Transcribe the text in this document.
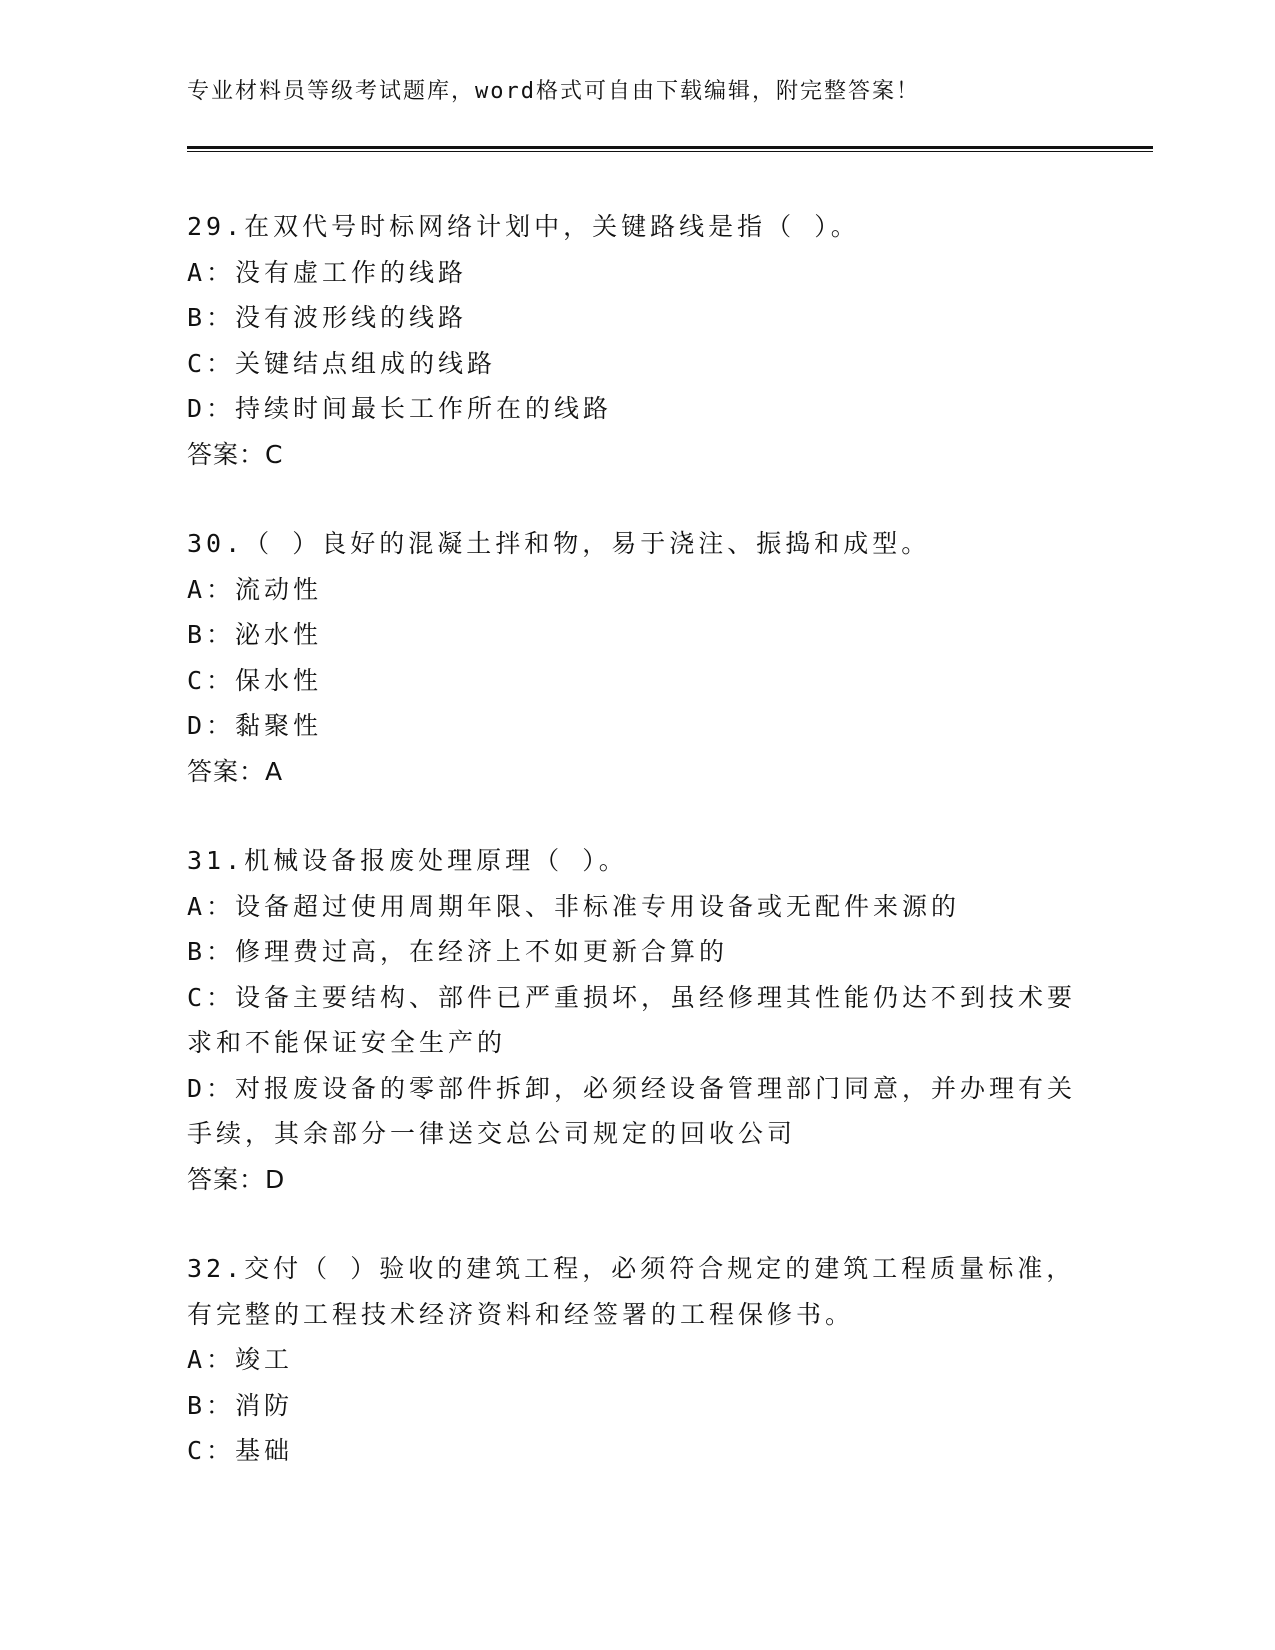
专业材料员等级考试题库，word格式可自由下载编辑，附完整答案！
29.在双代号时标网络计划中，关键路线是指（ ）。
A：没有虚工作的线路
B：没有波形线的线路
C：关键结点组成的线路
D：持续时间最长工作所在的线路
答案：C
30.（ ）良好的混凝土拌和物，易于浇注、振捣和成型。
A：流动性
B：泌水性
C：保水性
D：黏聚性
答案：A
31.机械设备报废处理原理（ ）。
A：设备超过使用周期年限、非标准专用设备或无配件来源的
B：修理费过高，在经济上不如更新合算的
C：设备主要结构、部件已严重损坏，虽经修理其性能仍达不到技术要求和不能保证安全生产的
D：对报废设备的零部件拆卸，必须经设备管理部门同意，并办理有关手续，其余部分一律送交总公司规定的回收公司
答案：D
32.交付（ ）验收的建筑工程，必须符合规定的建筑工程质量标准，有完整的工程技术经济资料和经签署的工程保修书。
A：竣工
B：消防
C：基础
